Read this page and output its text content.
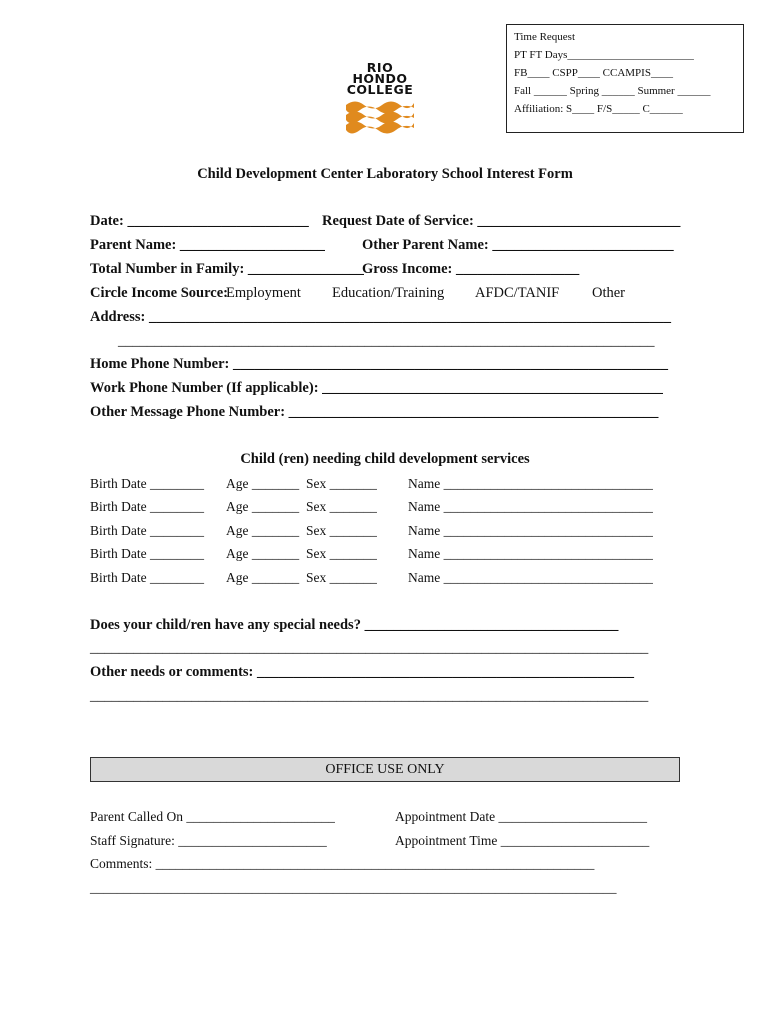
Time Request
PT FT Days_______________________
FB____ CSPP____ CCAMPIS____
Fall ______ Spring ______ Summer ______
Affiliation: S____ F/S_____ C______
RIO
HONDO
COLLEGE
Child Development Center Laboratory School Interest Form
Date: _________________________ Request Date of Service: ____________________________
Parent Name: ____________________	Other Parent Name: _________________________
Total Number in Family: ________________
Gross Income: _________________
Circle Income Source:
Employment Education/Training AFDC/TANIF Other
Address: ________________________________________________________________________
__________________________________________________________________________
Home Phone Number: ____________________________________________________________
Work Phone Number (If applicable): _______________________________________________
Other Message Phone Number: ___________________________________________________
Child (ren) needing child development services
Birth Date ________ Age _______ Sex _______ Name _______________________________
Birth Date ________ Age _______ Sex _______ Name _______________________________
Birth Date ________ Age _______ Sex _______ Name _______________________________
Birth Date ________ Age _______ Sex _______ Name _______________________________
Birth Date ________ Age _______ Sex _______ Name _______________________________
Does your child/ren have any special needs? ___________________________________
_____________________________________________________________________________
Other needs or comments: ____________________________________________________
_____________________________________________________________________________
OFFICE USE ONLY
Parent Called On ______________________	Appointment Date ______________________
Staff Signature: ______________________	Appointment Time ______________________
Comments: _________________________________________________________________
______________________________________________________________________________
